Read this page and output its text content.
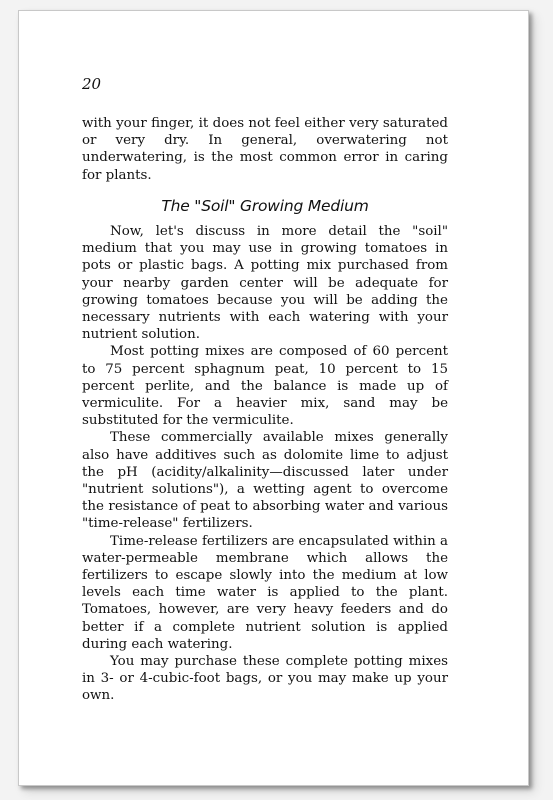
20

with your finger, it does not feel either very saturated or very dry. In general, overwatering not underwatering, is the most common error in caring for plants.

The "Soil" Growing Medium

Now, let's discuss in more detail the "soil" medium that you may use in growing tomatoes in pots or plastic bags. A potting mix purchased from your nearby garden center will be adequate for growing tomatoes because you will be adding the necessary nutrients with each watering with your nutrient solution.

Most potting mixes are composed of 60 percent to 75 percent sphagnum peat, 10 percent to 15 percent perlite, and the balance is made up of vermiculite. For a heavier mix, sand may be substituted for the vermiculite.

These commercially available mixes generally also have additives such as dolomite lime to adjust the pH (acidity/alkalinity—discussed later under "nutrient solutions"), a wetting agent to overcome the resistance of peat to absorbing water and various "time-release" fertilizers.

Time-release fertilizers are encapsulated within a water-permeable membrane which allows the fertilizers to escape slowly into the medium at low levels each time water is applied to the plant. Tomatoes, however, are very heavy feeders and do better if a complete nutrient solution is applied during each watering.

You may purchase these complete potting mixes in 3- or 4-cubic-foot bags, or you may make up your own.
